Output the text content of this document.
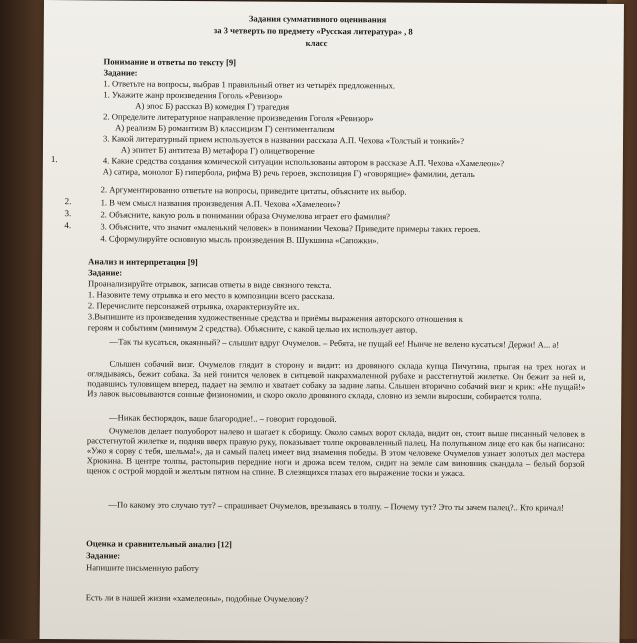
Задания суммативного оценивания
за 3 четверть по предмету «Русская литература» , 8
класс
Понимание и ответы по тексту [9]
Задание:
1. Ответьте на вопросы, выбрав 1 правильный ответ из четырёх предложенных.
1. Укажите жанр произведения Гоголь «Ревизор»
А) эпос Б) рассказ В) комедия Г) трагедия
2. Определите литературное направление произведения Гоголя «Ревизор»
А) реализм Б) романтизм В) классицизм Г) сентиментализм
3. Какой литературный прием используется в названии рассказа А.П. Чехова «Толстый и тонкий»?
А) эпитет Б) антитеза В) метафора Г) олицетворение
1.	4. Какие средства создания комической ситуации использованы автором в рассказе А.П. Чехова «Хамелеон»?
А) сатира, монолог Б) гипербола, рифма В) речь героев, экспозиция Г) «говорящие» фамилии, деталь
2. Аргументированно ответьте на вопросы, приведите цитаты, объясните их выбор.
2.	1. В чем смысл названия произведения А.П. Чехова «Хамелеон»?
3.	2. Объясните, какую роль в понимании образа Очумелова играет его фамилия?
4.	3. Объясните, что значит «маленький человек» в понимании Чехова? Приведите примеры таких героев.
4. Сформулируйте основную мысль произведения В. Шукшина «Сапожки».
Анализ и интерпретация [9]
Задание:
Проанализируйте отрывок, записав ответы в виде связного текста.
1. Назовите тему отрывка и его место в композиции всего рассказа.
2. Перечислите персонажей отрывка, охарактеризуйте их.
3.Выпишите из произведения художественные средства и приёмы выражения авторского отношения к
героям и событиям (минимум 2 средства). Объясните, с какой целью их использует автор.
—Так ты кусаться, окаянный? – слышит вдруг Очумелов. – Ребята, не пущай ее! Нынче не велено кусаться! Держи! А... а!
Слышен собачий визг. Очумелов глядит в сторону и видит: из дровяного склада купца Пичугина, прыгая на трех ногах и оглядываясь, бежит собака. За ней гонится человек в ситцевой накрахмаленной рубахе и расстегнутой жилетке. Он бежит за ней и, подавшись туловищем вперед, падает на землю и хватает собаку за задние лапы. Слышен вторично собачий визг и крик: «Не пущай!» Из лавок высовываются сонные физиономии, и скоро около дровяного склада, словно из земли выросши, собирается толпа.
—Никак беспорядок, ваше благородие!.. – говорит городовой.
Очумелов делает полуоборот налево и шагает к сборищу. Около самых ворот склада, видит он, стоит выше писанный человек в расстегнутой жилетке и, подняв вверх правую руку, показывает толпе окровавленный палец. На полупьяном лице его как бы написано: «Ужо я сорву с тебя, шельма!», да и самый палец имеет вид знамения победы. В этом человеке Очумелов узнает золотых дел мастера Хрюкина. В центре толпы, растопырив передние ноги и дрожа всем телом, сидит на земле сам виновник скандала – белый борзой щенок с острой мордой и желтым пятном на спине. В слезящихся глазах его выражение тоски и ужаса.
—По какому это случаю тут? – спрашивает Очумелов, врезываясь в толпу. – Почему тут? Это ты зачем палец?.. Кто кричал!
Оценка и сравнительный анализ [12]
Задание:
Напишите письменную работу
Есть ли в нашей жизни «хамелеоны», подобные Очумелову?
